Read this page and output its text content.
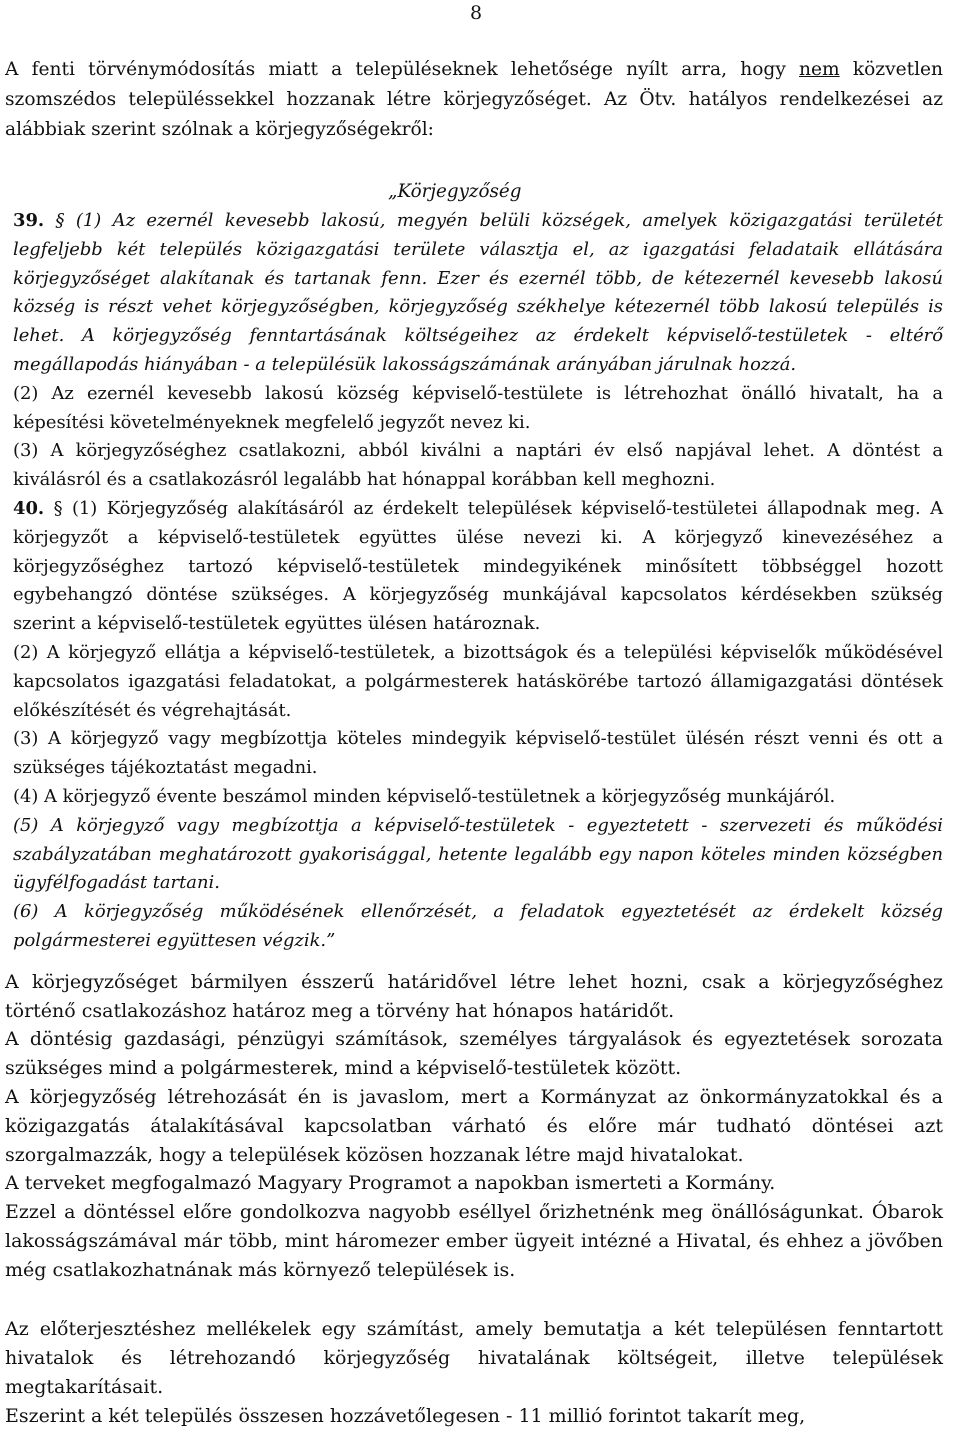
8

A fenti törvénymódosítás miatt a településeknek lehetősége nyílt arra, hogy nem közvetlen szomszédos településsekkel hozzanak létre körjegyzőséget. Az Ötv. hatályos rendelkezései az alábbiak szerint szólnak a körjegyzőségekről:

„Körjegyzőség

39. § (1) Az ezernél kevesebb lakosú, megyén belüli községek, amelyek közigazgatási területét legfeljebb két település közigazgatási területe választja el, az igazgatási feladataik ellátására körjegyzőséget alakítanak és tartanak fenn. Ezer és ezernél több, de kétezernél kevesebb lakosú község is részt vehet körjegyzőségben, körjegyzőség székhelye kétezernél több lakosú település is lehet. A körjegyzőség fenntartásának költségeihez az érdekelt képviselő-testületek - eltérő megállapodás hiányában - a településük lakosságszámának arányában járulnak hozzá.

(2) Az ezernél kevesebb lakosú község képviselő-testülete is létrehozhat önálló hivatalt, ha a képesítési követelményeknek megfelelő jegyzőt nevez ki.

(3) A körjegyzőséghez csatlakozni, abból kiválni a naptári év első napjával lehet. A döntést a kiválásról és a csatlakozásról legalább hat hónappal korábban kell meghozni.

40. § (1) Körjegyzőség alakításáról az érdekelt települések képviselő-testületei állapodnak meg. A körjegyzőt a képviselő-testületek együttes ülése nevezi ki. A körjegyző kinevezéséhez a körjegyzőséghez tartozó képviselő-testületek mindegyikének minősített többséggel hozott egybehangzó döntése szükséges. A körjegyzőség munkájával kapcsolatos kérdésekben szükség szerint a képviselő-testületek együttes ülésen határoznak.

(2) A körjegyző ellátja a képviselő-testületek, a bizottságok és a települési képviselők működésével kapcsolatos igazgatási feladatokat, a polgármesterek hatáskörébe tartozó államigazgatási döntések előkészítését és végrehajtását.

(3) A körjegyző vagy megbízottja köteles mindegyik képviselő-testület ülésén részt venni és ott a szükséges tájékoztatást megadni.

(4) A körjegyző évente beszámol minden képviselő-testületnek a körjegyzőség munkájáról.

(5) A körjegyző vagy megbízottja a képviselő-testületek - egyeztetett - szervezeti és működési szabályzatában meghatározott gyakorisággal, hetente legalább egy napon köteles minden községben ügyfélfogadást tartani.

(6) A körjegyzőség működésének ellenőrzését, a feladatok egyeztetését az érdekelt község polgármesterei együttesen végzik.”

A körjegyzőséget bármilyen ésszerű határidővel létre lehet hozni, csak a körjegyzőséghez történő csatlakozáshoz határoz meg a törvény hat hónapos határidőt.

A döntésig gazdasági, pénzügyi számítások, személyes tárgyalások és egyeztetések sorozata szükséges mind a polgármesterek, mind a képviselő-testületek között.

A körjegyzőség létrehozását én is javaslom, mert a Kormányzat az önkormányzatokkal és a közigazgatás átalakításával kapcsolatban várható és előre már tudható döntései azt szorgalmazzák, hogy a települések közösen hozzanak létre majd hivatalokat.

A terveket megfogalmazó Magyary Programot a napokban ismerteti a Kormány.

Ezzel a döntéssel előre gondolkozva nagyobb eséllyel őrizhetnénk meg önállóságunkat. Óbarok lakosságszámával már több, mint háromezer ember ügyeit intézné a Hivatal, és ehhez a jövőben még csatlakozhatnának más környező települések is.

Az előterjesztéshez mellékelek egy számítást, amely bemutatja a két településen fenntartott hivatalok és létrehozandó körjegyzőség hivatalának költségeit, illetve települések megtakarításait.

Eszerint a két település összesen hozzávetőlegesen - 11 millió forintot takarít meg,
